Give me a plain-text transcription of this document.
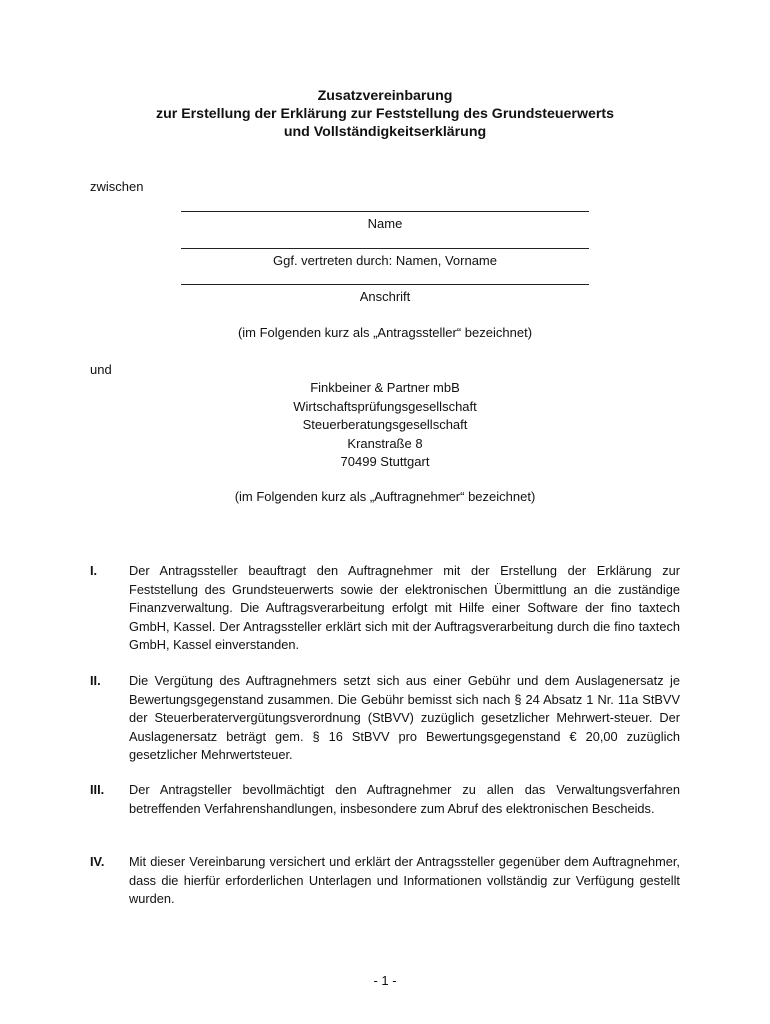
Zusatzvereinbarung
zur Erstellung der Erklärung zur Feststellung des Grundsteuerwerts
und Vollständigkeitserklärung
zwischen
Name
Ggf. vertreten durch: Namen, Vorname
Anschrift
(im Folgenden kurz als „Antragssteller“ bezeichnet)
und
Finkbeiner & Partner mbB
Wirtschaftsprüfungsgesellschaft
Steuerberatungsgesellschaft
Kranstraße 8
70499 Stuttgart
(im Folgenden kurz als „Auftragnehmer“ bezeichnet)
I. Der Antragssteller beauftragt den Auftragnehmer mit der Erstellung der Erklärung zur Feststellung des Grundsteuerwerts sowie der elektronischen Übermittlung an die zuständige Finanzverwaltung. Die Auftragsverarbeitung erfolgt mit Hilfe einer Software der fino taxtech GmbH, Kassel. Der Antragssteller erklärt sich mit der Auftragsverarbeitung durch die fino taxtech GmbH, Kassel einverstanden.
II. Die Vergütung des Auftragnehmers setzt sich aus einer Gebühr und dem Auslagenersatz je Bewertungsgegenstand zusammen. Die Gebühr bemisst sich nach § 24 Absatz 1 Nr. 11a StBVV der Steuerberatervergütungsverordnung (StBVV) zuzüglich gesetzlicher Mehrwert-steuer. Der Auslagenersatz beträgt gem. § 16 StBVV pro Bewertungsgegenstand € 20,00 zuzüglich gesetzlicher Mehrwertsteuer.
III. Der Antragsteller bevollmächtigt den Auftragnehmer zu allen das Verwaltungsverfahren betreffenden Verfahrenshandlungen, insbesondere zum Abruf des elektronischen Bescheids.
IV. Mit dieser Vereinbarung versichert und erklärt der Antragssteller gegenüber dem Auftragnehmer, dass die hierfür erforderlichen Unterlagen und Informationen vollständig zur Verfügung gestellt wurden.
- 1 -
